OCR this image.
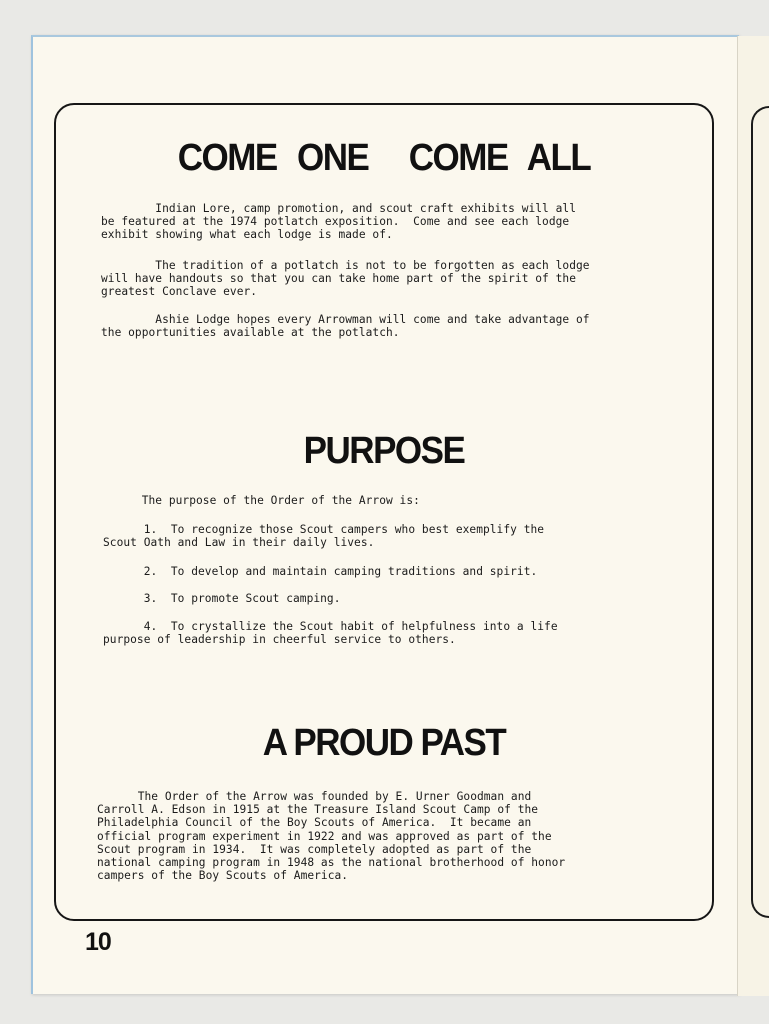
COME ONE  COME ALL

Indian Lore, camp promotion, and scout craft exhibits will all
be featured at the 1974 potlatch exposition.  Come and see each lodge
exhibit showing what each lodge is made of.

The tradition of a potlatch is not to be forgotten as each lodge
will have handouts so that you can take home part of the spirit of the
greatest Conclave ever.

Ashie Lodge hopes every Arrowman will come and take advantage of
the opportunities available at the potlatch.

PURPOSE

The purpose of the Order of the Arrow is:

1.  To recognize those Scout campers who best exemplify the
Scout Oath and Law in their daily lives.

2.  To develop and maintain camping traditions and spirit.

3.  To promote Scout camping.

4.  To crystallize the Scout habit of helpfulness into a life
purpose of leadership in cheerful service to others.

A PROUD PAST

The Order of the Arrow was founded by E. Urner Goodman and
Carroll A. Edson in 1915 at the Treasure Island Scout Camp of the
Philadelphia Council of the Boy Scouts of America.  It became an
official program experiment in 1922 and was approved as part of the
Scout program in 1934.  It was completely adopted as part of the
national camping program in 1948 as the national brotherhood of honor
campers of the Boy Scouts of America.

10
